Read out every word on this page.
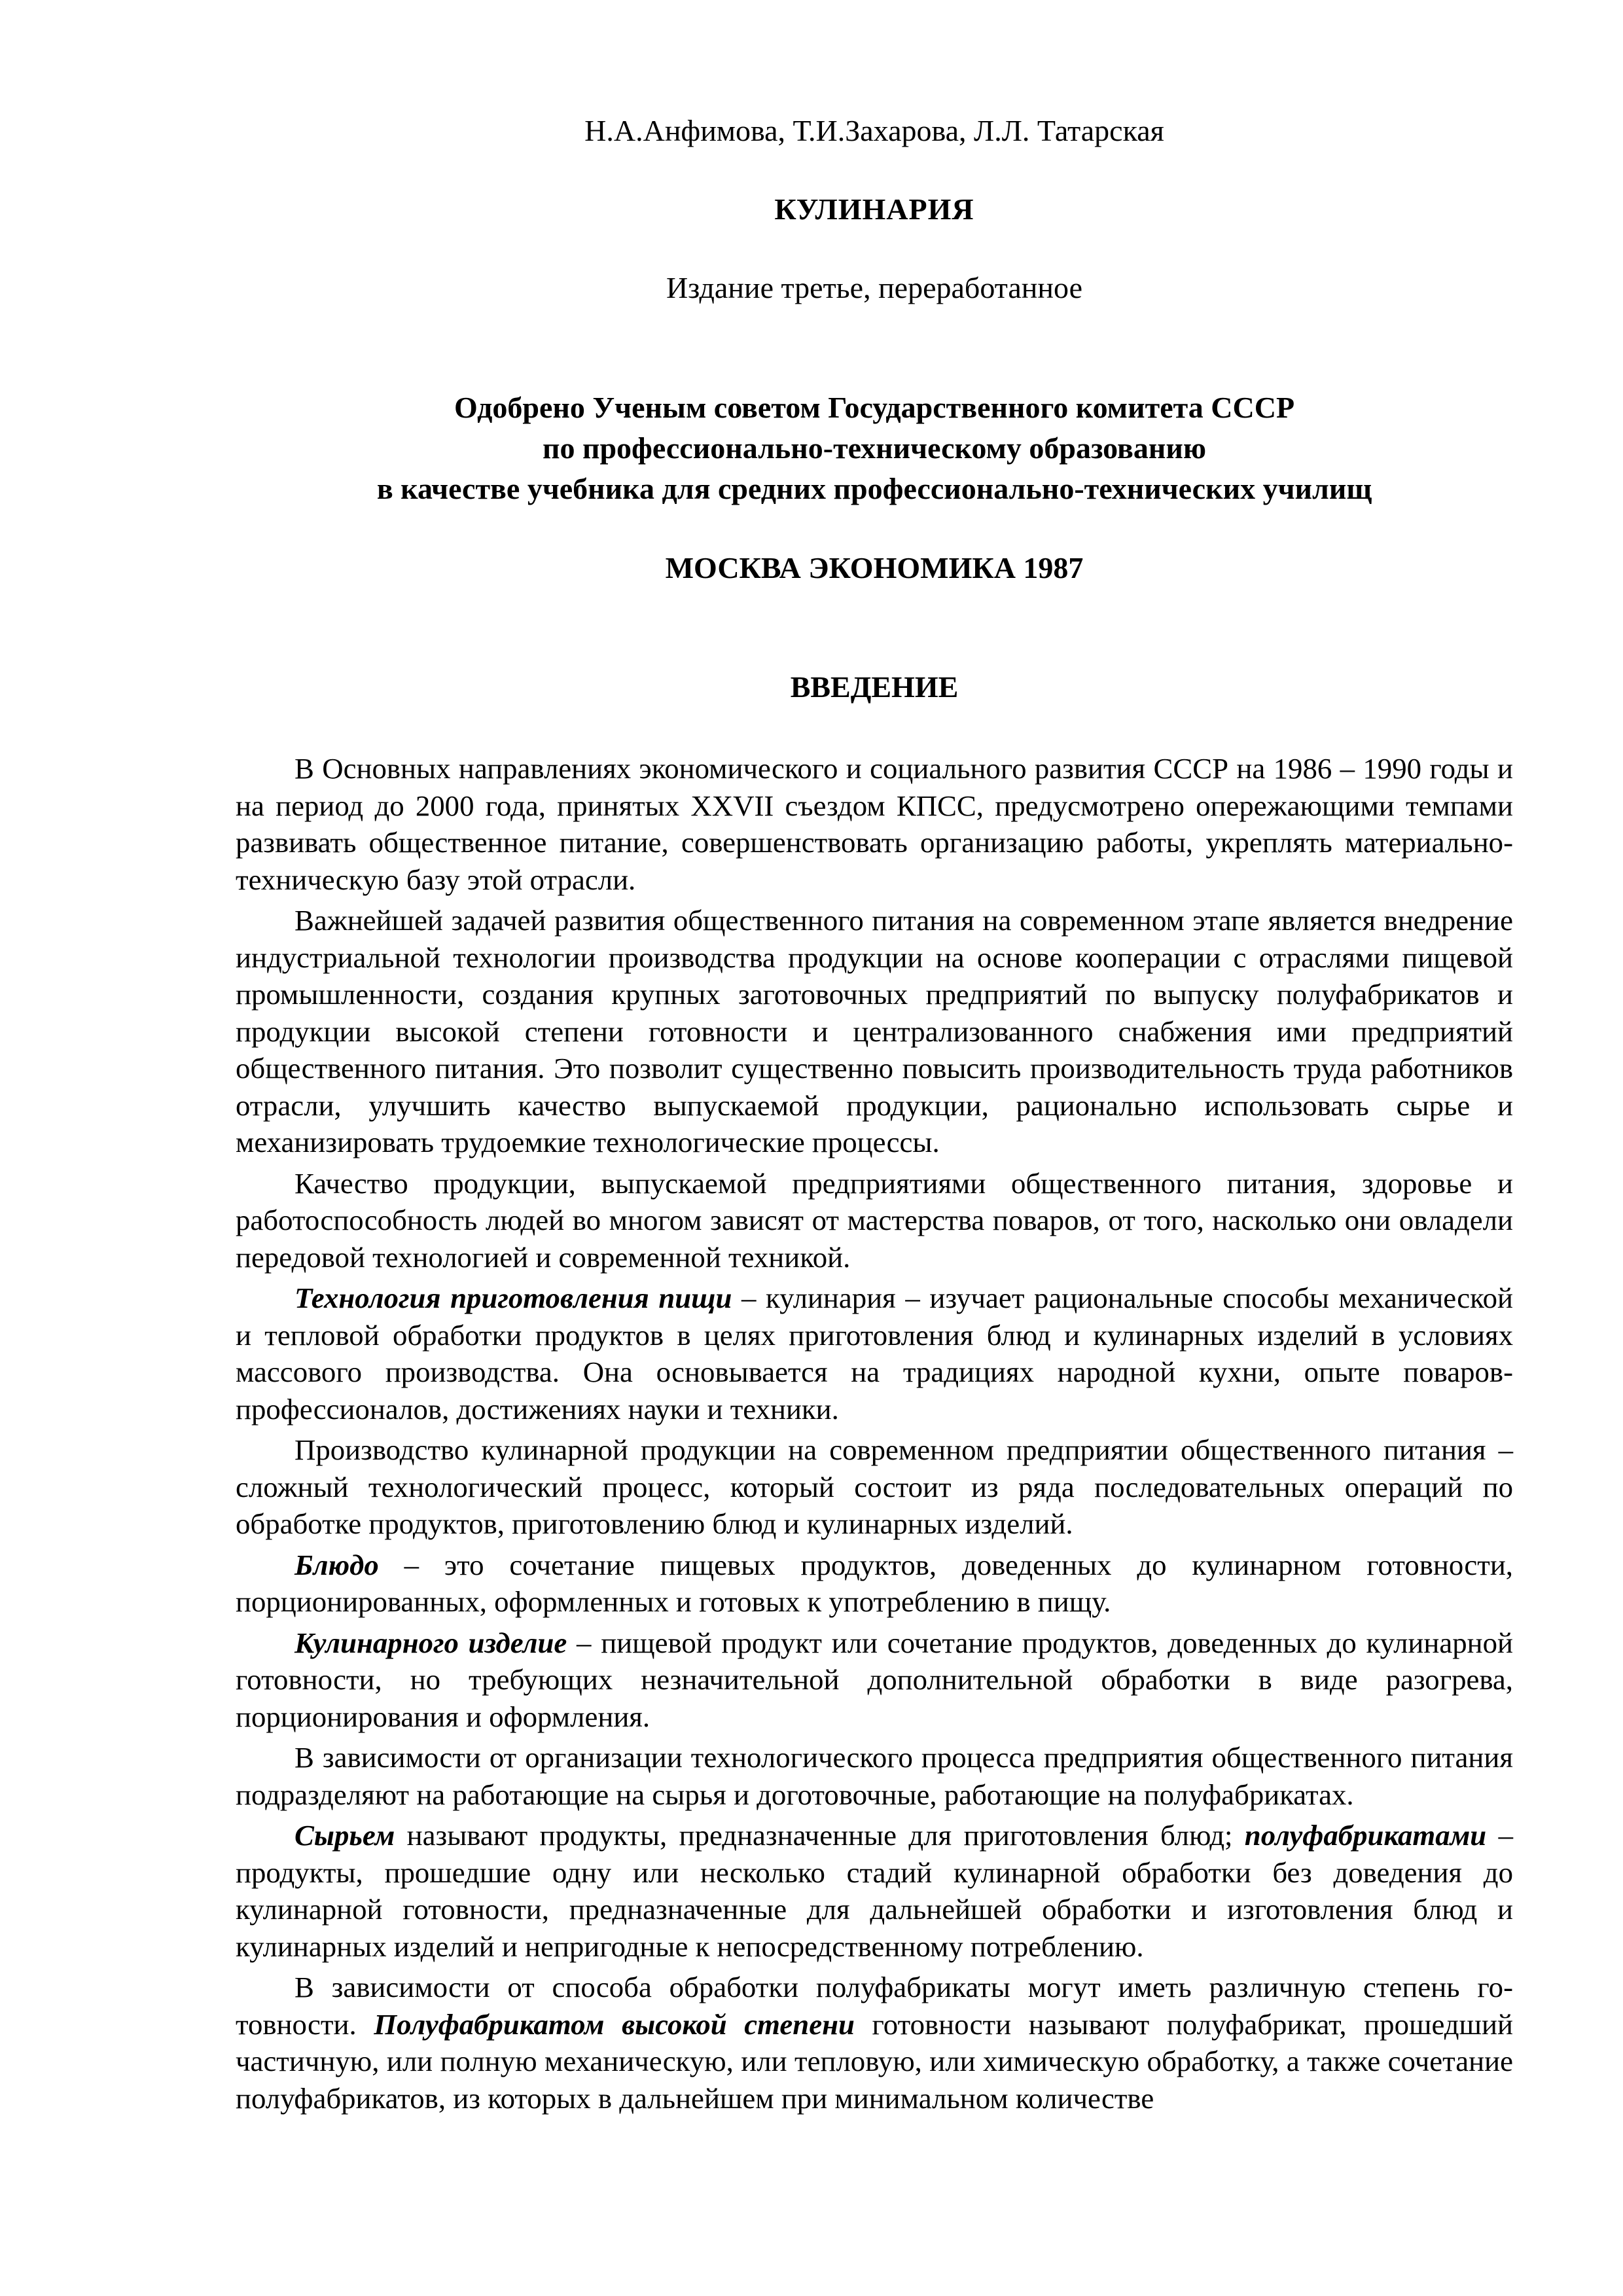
Н.А.Анфимова, Т.И.Захарова, Л.Л. Татарская

КУЛИНАРИЯ

Издание третье, переработанное

Одобрено Ученым советом Государственного комитета СССР
по профессионально-техническому образованию
в качестве учебника для средних профессионально-технических училищ

МОСКВА ЭКОНОМИКА 1987

ВВЕДЕНИЕ

В Основных направлениях экономического и социального развития СССР на 1986 – 1990 годы и на период до 2000 года, принятых XXVII съездом КПСС, предусмотрено опережающими темпами развивать общественное питание, совершенствовать организацию работы, укреплять материально-техническую базу этой отрасли.

Важнейшей задачей развития общественного питания на современном этапе является внедрение индустриальной технологии производства продукции на основе кооперации с отраслями пищевой промышленности, создания крупных заготовочных предприятий по выпуску полуфабрикатов и продукции высокой степени готовности и централизованного снабжения ими предприятий общественного питания. Это позволит существенно повысить производительность труда работников отрасли, улучшить качество выпускаемой продукции, рационально использовать сырье и механизировать трудоемкие технологические процессы.

Качество продукции, выпускаемой предприятиями общественного питания, здоровье и работоспособность людей во многом зависят от мастерства поваров, от того, насколько они овладели передовой технологией и современной техникой.

Технология приготовления пищи – кулинария – изучает рациональные способы механической и тепловой обработки продуктов в целях приготовления блюд и кулинарных изделий в условиях массового производства. Она основывается на традициях народной кухни, опыте поваров-профессионалов, достижениях науки и техники.

Производство кулинарной продукции на современном предприятии общественного питания – сложный технологический процесс, который состоит из ряда последовательных операций по обработке продуктов, приготовлению блюд и кулинарных изделий.

Блюдо – это сочетание пищевых продуктов, доведенных до кулинарном готовности, порционированных, оформленных и готовых к употреблению в пищу.

Кулинарного изделие – пищевой продукт или сочетание продуктов, доведенных до кулинарной готовности, но требующих незначительной дополнительной обработки в виде разогрева, порционирования и оформления.

В зависимости от организации технологического процесса предприятия общественного питания подразделяют на работающие на сырья и доготовочные, работающие на полуфабрикатах.

Сырьем называют продукты, предназначенные для приготовления блюд; полуфабрикатами – продукты, прошедшие одну или несколько стадий кулинарной обработки без доведения до кулинарной готовности, предназначенные для дальнейшей обработки и изготовления блюд и кулинарных изделий и непригодные к непосредственному потреблению.

В зависимости от способа обработки полуфабрикаты могут иметь различную степень готовности. Полуфабрикатом высокой степени готовности называют полуфабрикат, прошедший частичную, или полную механическую, или тепловую, или химическую обработку, а также сочетание полуфабрикатов, из которых в дальнейшем при минимальном количестве
